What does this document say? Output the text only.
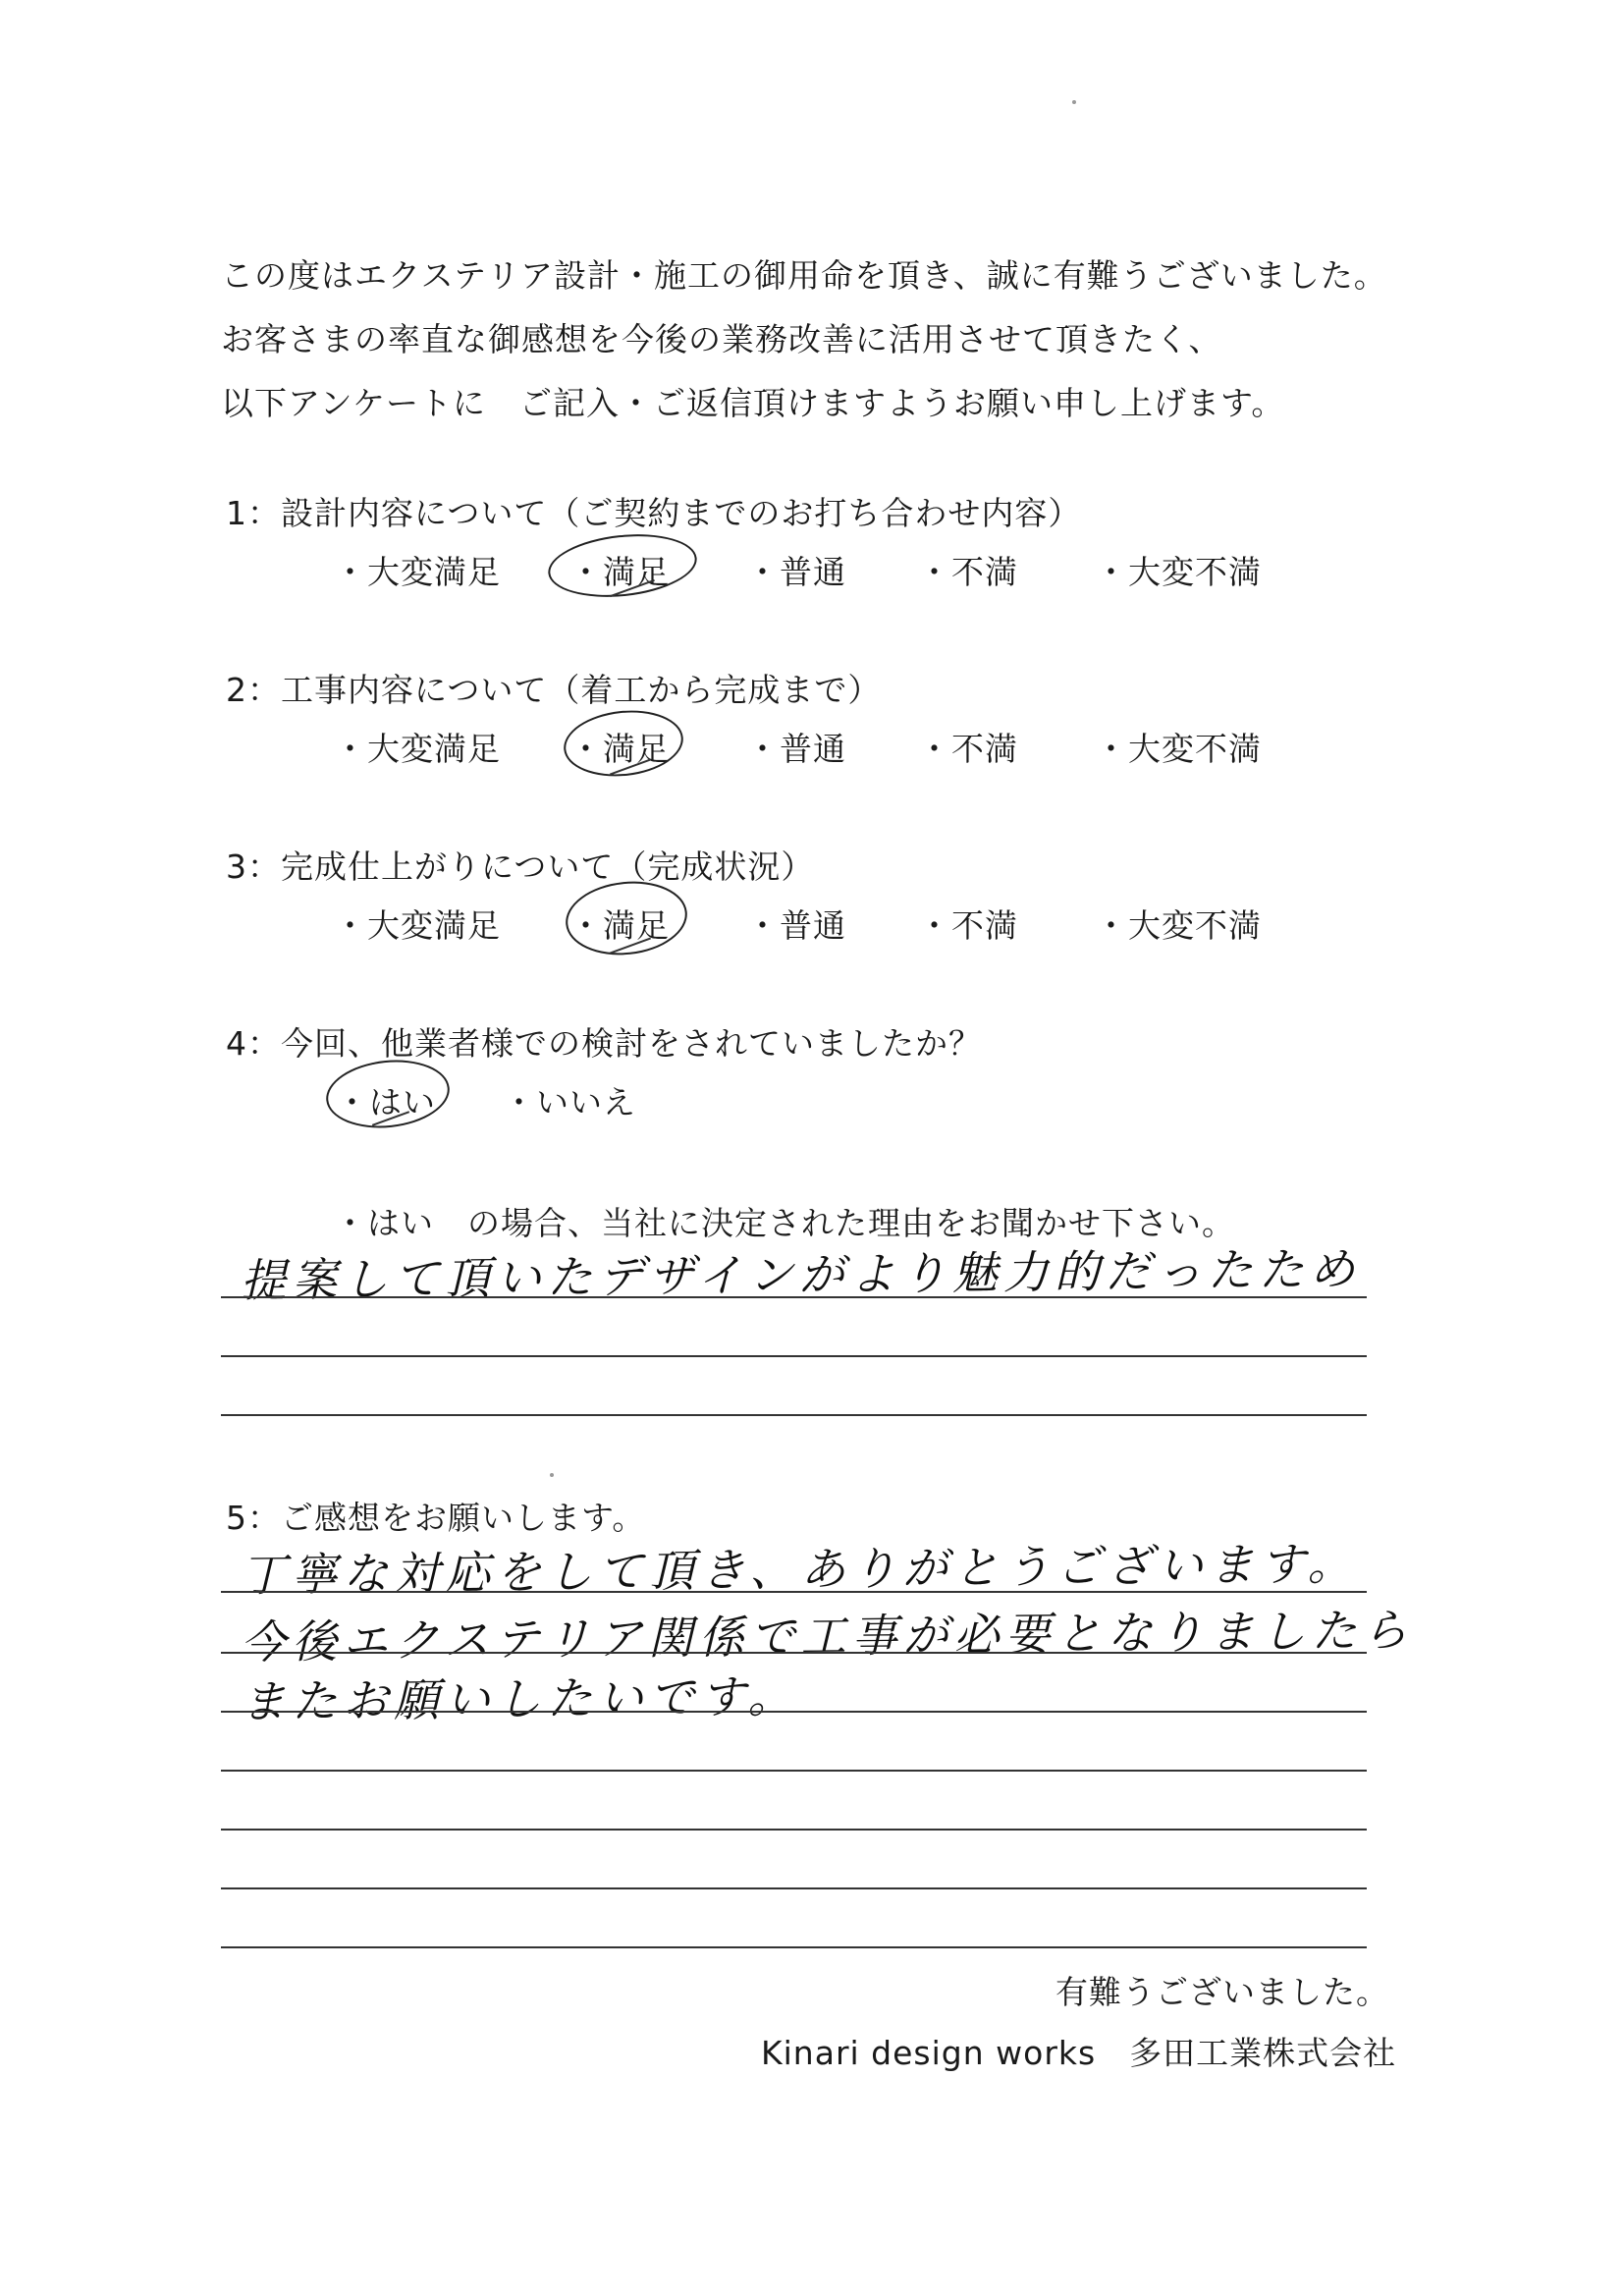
この度はエクステリア設計・施工の御用命を頂き、誠に有難うございました。
お客さまの率直な御感想を今後の業務改善に活用させて頂きたく、
以下アンケートに　ご記入・ご返信頂けますようお願い申し上げます。
1：設計内容について（ご契約までのお打ち合わせ内容）
・大変満足 ・満足 ・普通 ・不満 ・大変不満
2：工事内容について（着工から完成まで）
・大変満足 ・満足 ・普通 ・不満 ・大変不満
3：完成仕上がりについて（完成状況）
・大変満足 ・満足 ・普通 ・不満 ・大変不満
4：今回、他業者様での検討をされていましたか？
・はい ・いいえ
・はい　の場合、当社に決定された理由をお聞かせ下さい。
提案して頂いたデザインがより魅力的だったため
5：ご感想をお願いします。
丁寧な対応をして頂き、ありがとうございます。
今後エクステリア関係で工事が必要となりましたら
またお願いしたいです。
有難うございました。
Kinari design works　多田工業株式会社
